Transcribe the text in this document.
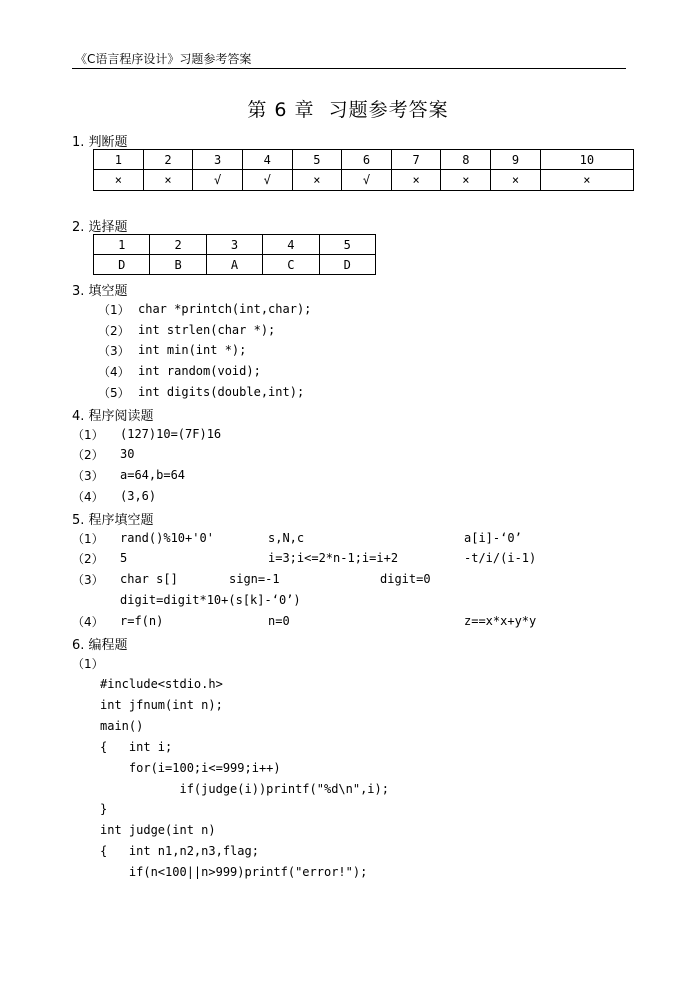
《C语言程序设计》习题参考答案
第 6 章  习题参考答案
1. 判断题
1	2	3	4	5	6	7	8	9	10
×	×	√	√	×	√	×	×	×	×
2. 选择题
1	2	3	4	5
D	B	A	C	D
3. 填空题
（1） char *printch(int,char);
（2） int strlen(char *);
（3） int min(int *);
（4） int random(void);
（5） int digits(double,int);
4. 程序阅读题
（1） (127)10=(7F)16
（2） 30
（3） a=64,b=64
（4） (3,6)
5. 程序填空题
（1） rand()%10+'0'	s,N,c	a[i]-‘0’
（2） 5	i=3;i<=2*n-1;i=i+2	-t/i/(i-1)
（3） char s[]	sign=-1	digit=0
digit=digit*10+(s[k]-‘0’)
（4） r=f(n)	n=0	z==x*x+y*y
6. 编程题
（1）
#include<stdio.h>
int jfnum(int n);
main()
{   int i;
for(i=100;i<=999;i++)
if(judge(i))printf("%d\n",i);
}
int judge(int n)
{   int n1,n2,n3,flag;
if(n<100||n>999)printf("error!");
